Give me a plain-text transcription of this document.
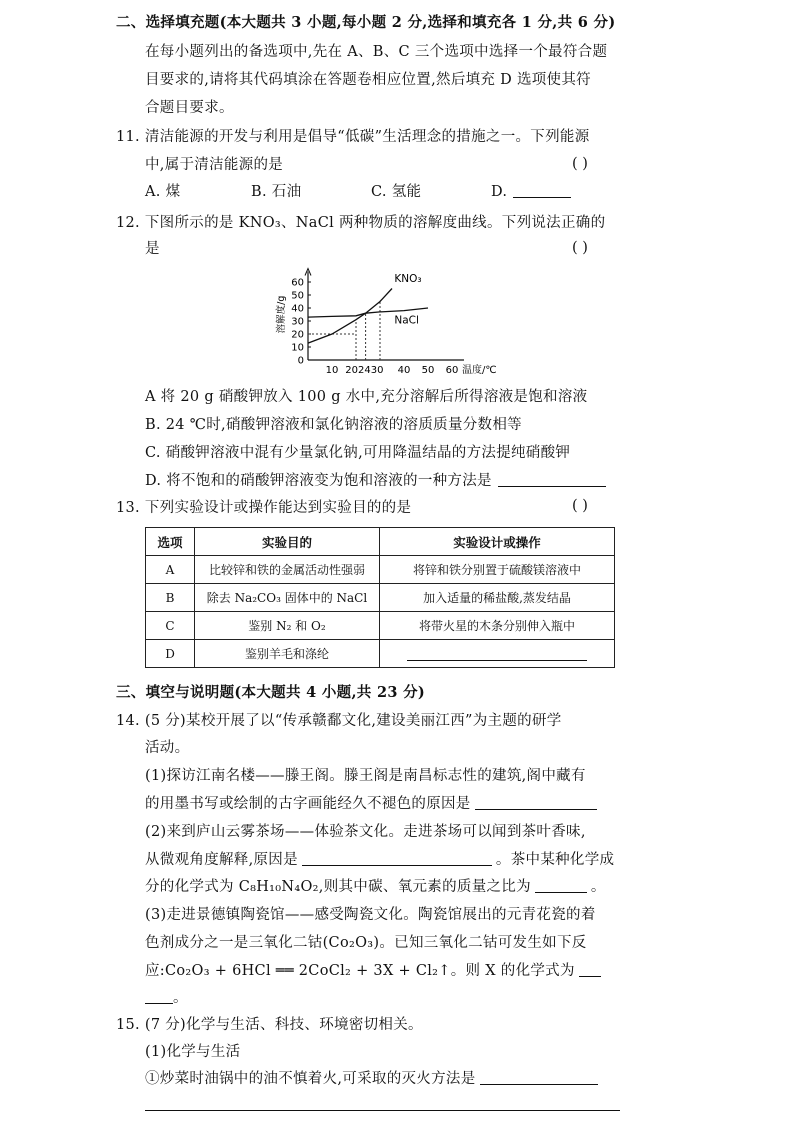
二、选择填充题(本大题共 3 小题,每小题 2 分,选择和填充各 1 分,共 6 分)
在每小题列出的备选项中,先在 A、B、C 三个选项中选择一个最符合题
目要求的,请将其代码填涂在答题卷相应位置,然后填充 D 选项使其符
合题目要求。
11. 清洁能源的开发与利用是倡导“低碳”生活理念的措施之一。下列能源
中,属于清洁能源的是	( )
A. 煤	B. 石油	C. 氢能	D.
12. 下图所示的是 KNO₃、NaCl 两种物质的溶解度曲线。下列说法正确的
是	( )
0
10
20
30
40
50
60
溶解度/g
10 202430 40 50 60 温度/℃
KNO₃
NaCl
A 将 20 g 硝酸钾放入 100 g 水中,充分溶解后所得溶液是饱和溶液
B. 24 ℃时,硝酸钾溶液和氯化钠溶液的溶质质量分数相等
C. 硝酸钾溶液中混有少量氯化钠,可用降温结晶的方法提纯硝酸钾
D. 将不饱和的硝酸钾溶液变为饱和溶液的一种方法是
13. 下列实验设计或操作能达到实验目的的是	( )
选项	实验目的	实验设计或操作
A	比较锌和铁的金属活动性强弱	将锌和铁分别置于硫酸镁溶液中
B	除去 Na₂CO₃ 固体中的 NaCl	加入适量的稀盐酸,蒸发结晶
C	鉴别 N₂ 和 O₂	将带火星的木条分别伸入瓶中
D	鉴别羊毛和涤纶	
三、填空与说明题(本大题共 4 小题,共 23 分)
14. (5 分)某校开展了以“传承赣鄱文化,建设美丽江西”为主题的研学
活动。
(1)探访江南名楼——滕王阁。滕王阁是南昌标志性的建筑,阁中藏有
的用墨书写或绘制的古字画能经久不褪色的原因是
(2)来到庐山云雾茶场——体验茶文化。走进茶场可以闻到茶叶香味,
从微观角度解释,原因是	。茶中某种化学成
分的化学式为 C₈H₁₀N₄O₂,则其中碳、氧元素的质量之比为	。
(3)走进景德镇陶瓷馆——感受陶瓷文化。陶瓷馆展出的元青花瓷的着
色剂成分之一是三氧化二钴(Co₂O₃)。已知三氧化二钴可发生如下反
应:Co₂O₃ + 6HCl ══ 2CoCl₂ + 3X + Cl₂↑。则 X 的化学式为
。
15. (7 分)化学与生活、科技、环境密切相关。
(1)化学与生活
①炒菜时油锅中的油不慎着火,可采取的灭火方法是
